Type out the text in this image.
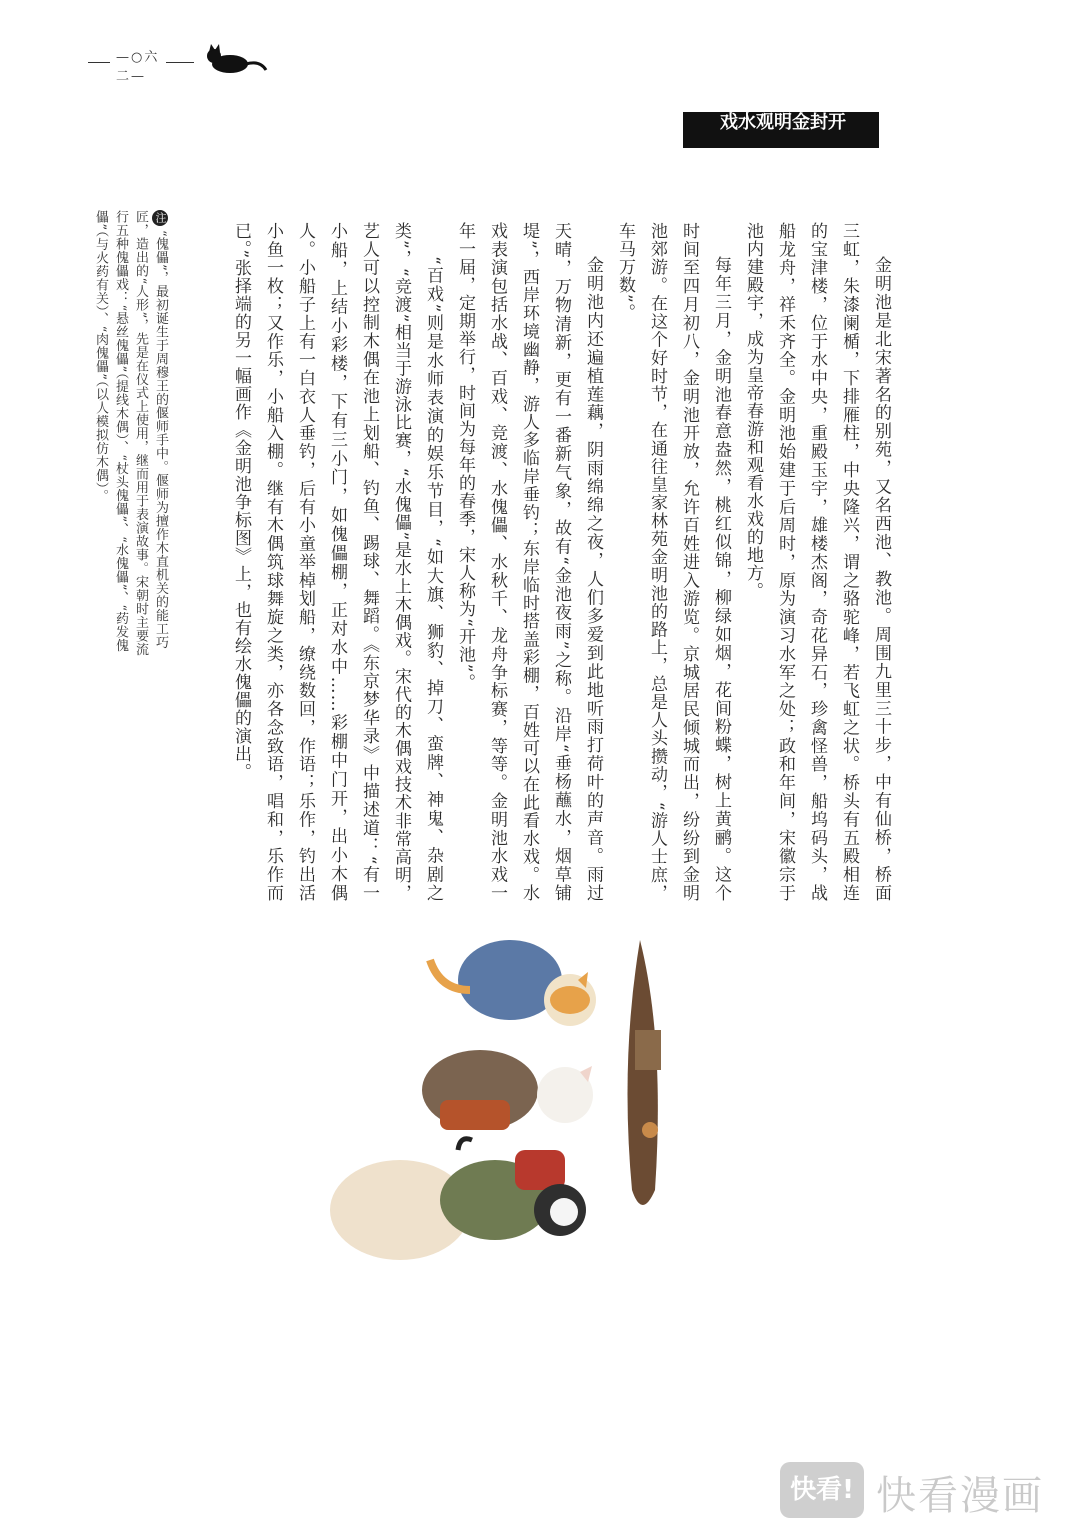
—○六二—
开封金明观水戏

金明池是北宋著名的别苑，又名西池、教池。周围九里三十步，中有仙桥，桥面三虹，朱漆阑楯，下排雁柱，中央隆兴，谓之骆驼峰，若飞虹之状。桥头有五殿相连的宝津楼，位于水中央，重殿玉宇，雄楼杰阁，奇花异石，珍禽怪兽，船坞码头，战船龙舟，祥禾齐全。金明池始建于后周时，原为演习水军之处；政和年间，宋徽宗于池内建殿宇，成为皇帝春游和观看水戏的地方。

每年三月，金明池春意盎然，桃红似锦，柳绿如烟，花间粉蝶，树上黄鹂。这个时间至四月初八，金明池开放，允许百姓进入游览。京城居民倾城而出，纷纷到金明池郊游。在这个好时节，在通往皇家林苑金明池的路上，总是人头攒动，“游人士庶，车马万数”。

金明池内还遍植莲藕，阴雨绵绵之夜，人们多爱到此地听雨打荷叶的声音。雨过天晴，万物清新，更有一番新气象，故有“金池夜雨”之称。沿岸“垂杨蘸水，烟草铺堤”，西岸环境幽静，游人多临岸垂钓；东岸临时搭盖彩棚，百姓可以在此看水戏。水戏表演包括水战、百戏、竞渡、水傀儡、水秋千、龙舟争标赛，等等。金明池水戏一年一届，定期举行，时间为每年的春季，宋人称为“开池”。

“百戏”则是水师表演的娱乐节目，“如大旗、狮豹、掉刀、蛮牌、神鬼、杂剧之类”，“竞渡”相当于游泳比赛，“水傀儡”是水上木偶戏。宋代的木偶戏技术非常高明，艺人可以控制木偶在池上划船、钓鱼、踢球、舞蹈。《东京梦华录》中描述道：“有一小船，上结小彩楼，下有三小门，如傀儡棚，正对水中……彩棚中门开，出小木偶人。小船子上有一白衣人垂钓，后有小童举棹划船，缭绕数回，作语；乐作，钓出活小鱼一枚；又作乐，小船入棚。继有木偶筑球舞旋之类，亦各念致语，唱和，乐作而已。”张择端的另一幅画作《金明池争标图》上，也有绘水傀儡的演出。

注“傀儡”，最初诞生于周穆王的偃师手中。偃师为擅作木直机关的能工巧匠，造出的“人形”，先是在仪式上使用，继而用于表演故事。宋朝时主要流行五种傀儡戏：“悬丝傀儡”（提线木偶）、“杖头傀儡”、“水傀儡”、“药发傀儡”（与火药有关）、“肉傀儡”（以人模拟仿木偶）。
快看! 快看漫画
